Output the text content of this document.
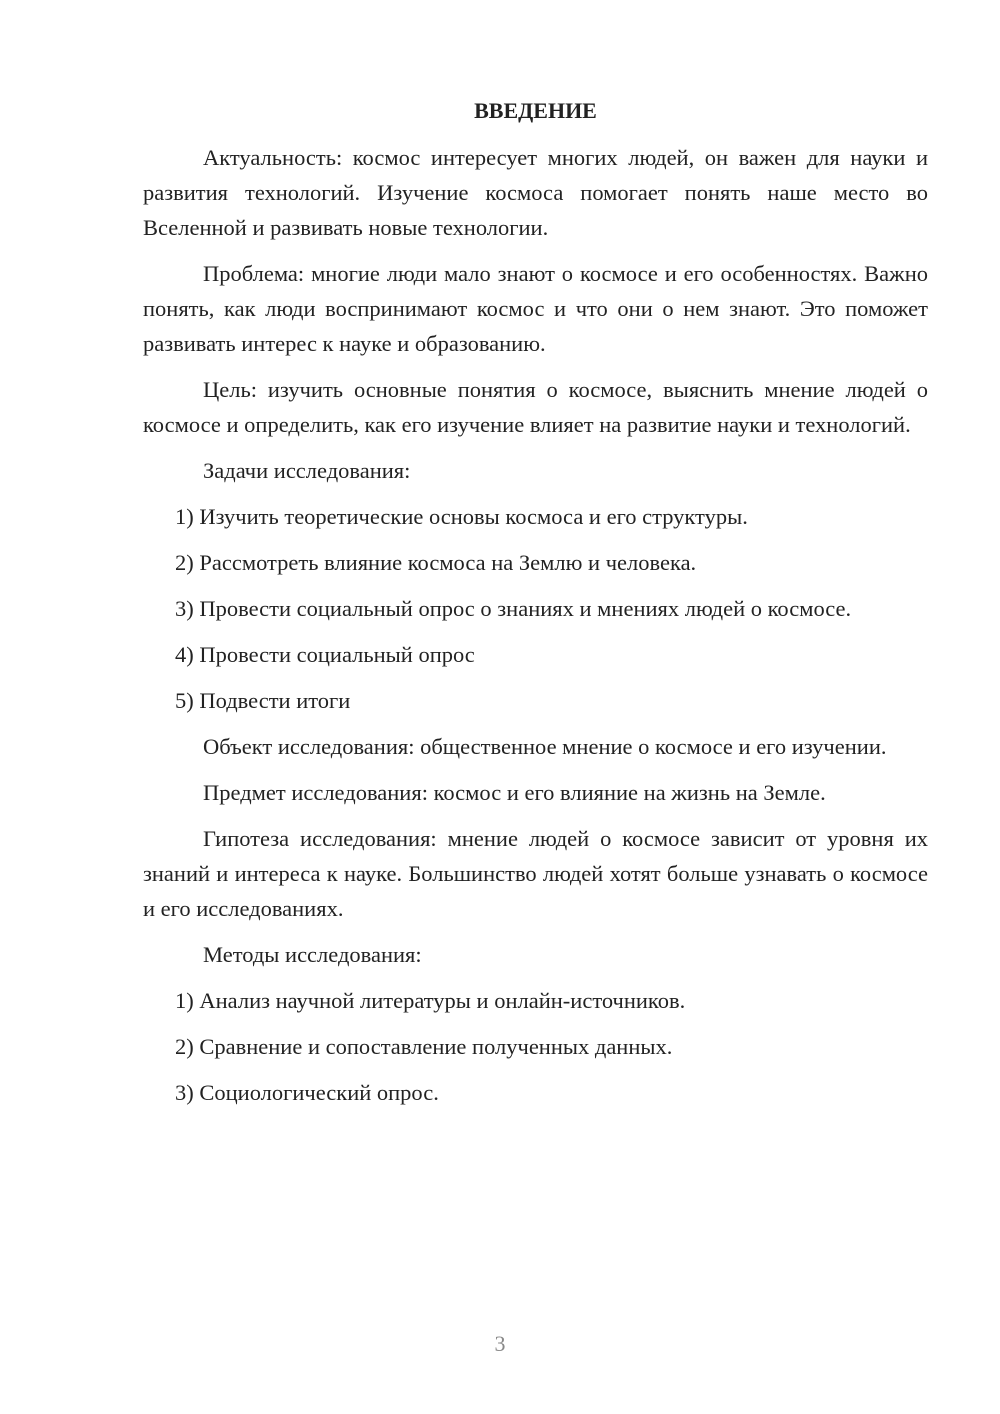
ВВЕДЕНИЕ

Актуальность: космос интересует многих людей, он важен для науки и развития технологий. Изучение космоса помогает понять наше место во Вселенной и развивать новые технологии.

Проблема: многие люди мало знают о космосе и его особенностях. Важно понять, как люди воспринимают космос и что они о нем знают. Это поможет развивать интерес к науке и образованию.

Цель: изучить основные понятия о космосе, выяснить мнение людей о космосе и определить, как его изучение влияет на развитие науки и технологий.

Задачи исследования:

1) Изучить теоретические основы космоса и его структуры.

2) Рассмотреть влияние космоса на Землю и человека.

3) Провести социальный опрос о знаниях и мнениях людей о космосе.

4) Провести социальный опрос

5) Подвести итоги

Объект исследования: общественное мнение о космосе и его изучении.

Предмет исследования: космос и его влияние на жизнь на Земле.

Гипотеза исследования: мнение людей о космосе зависит от уровня их знаний и интереса к науке. Большинство людей хотят больше узнавать о космосе и его исследованиях.

Методы исследования:

1) Анализ научной литературы и онлайн-источников.

2) Сравнение и сопоставление полученных данных.

3) Социологический опрос.

3
